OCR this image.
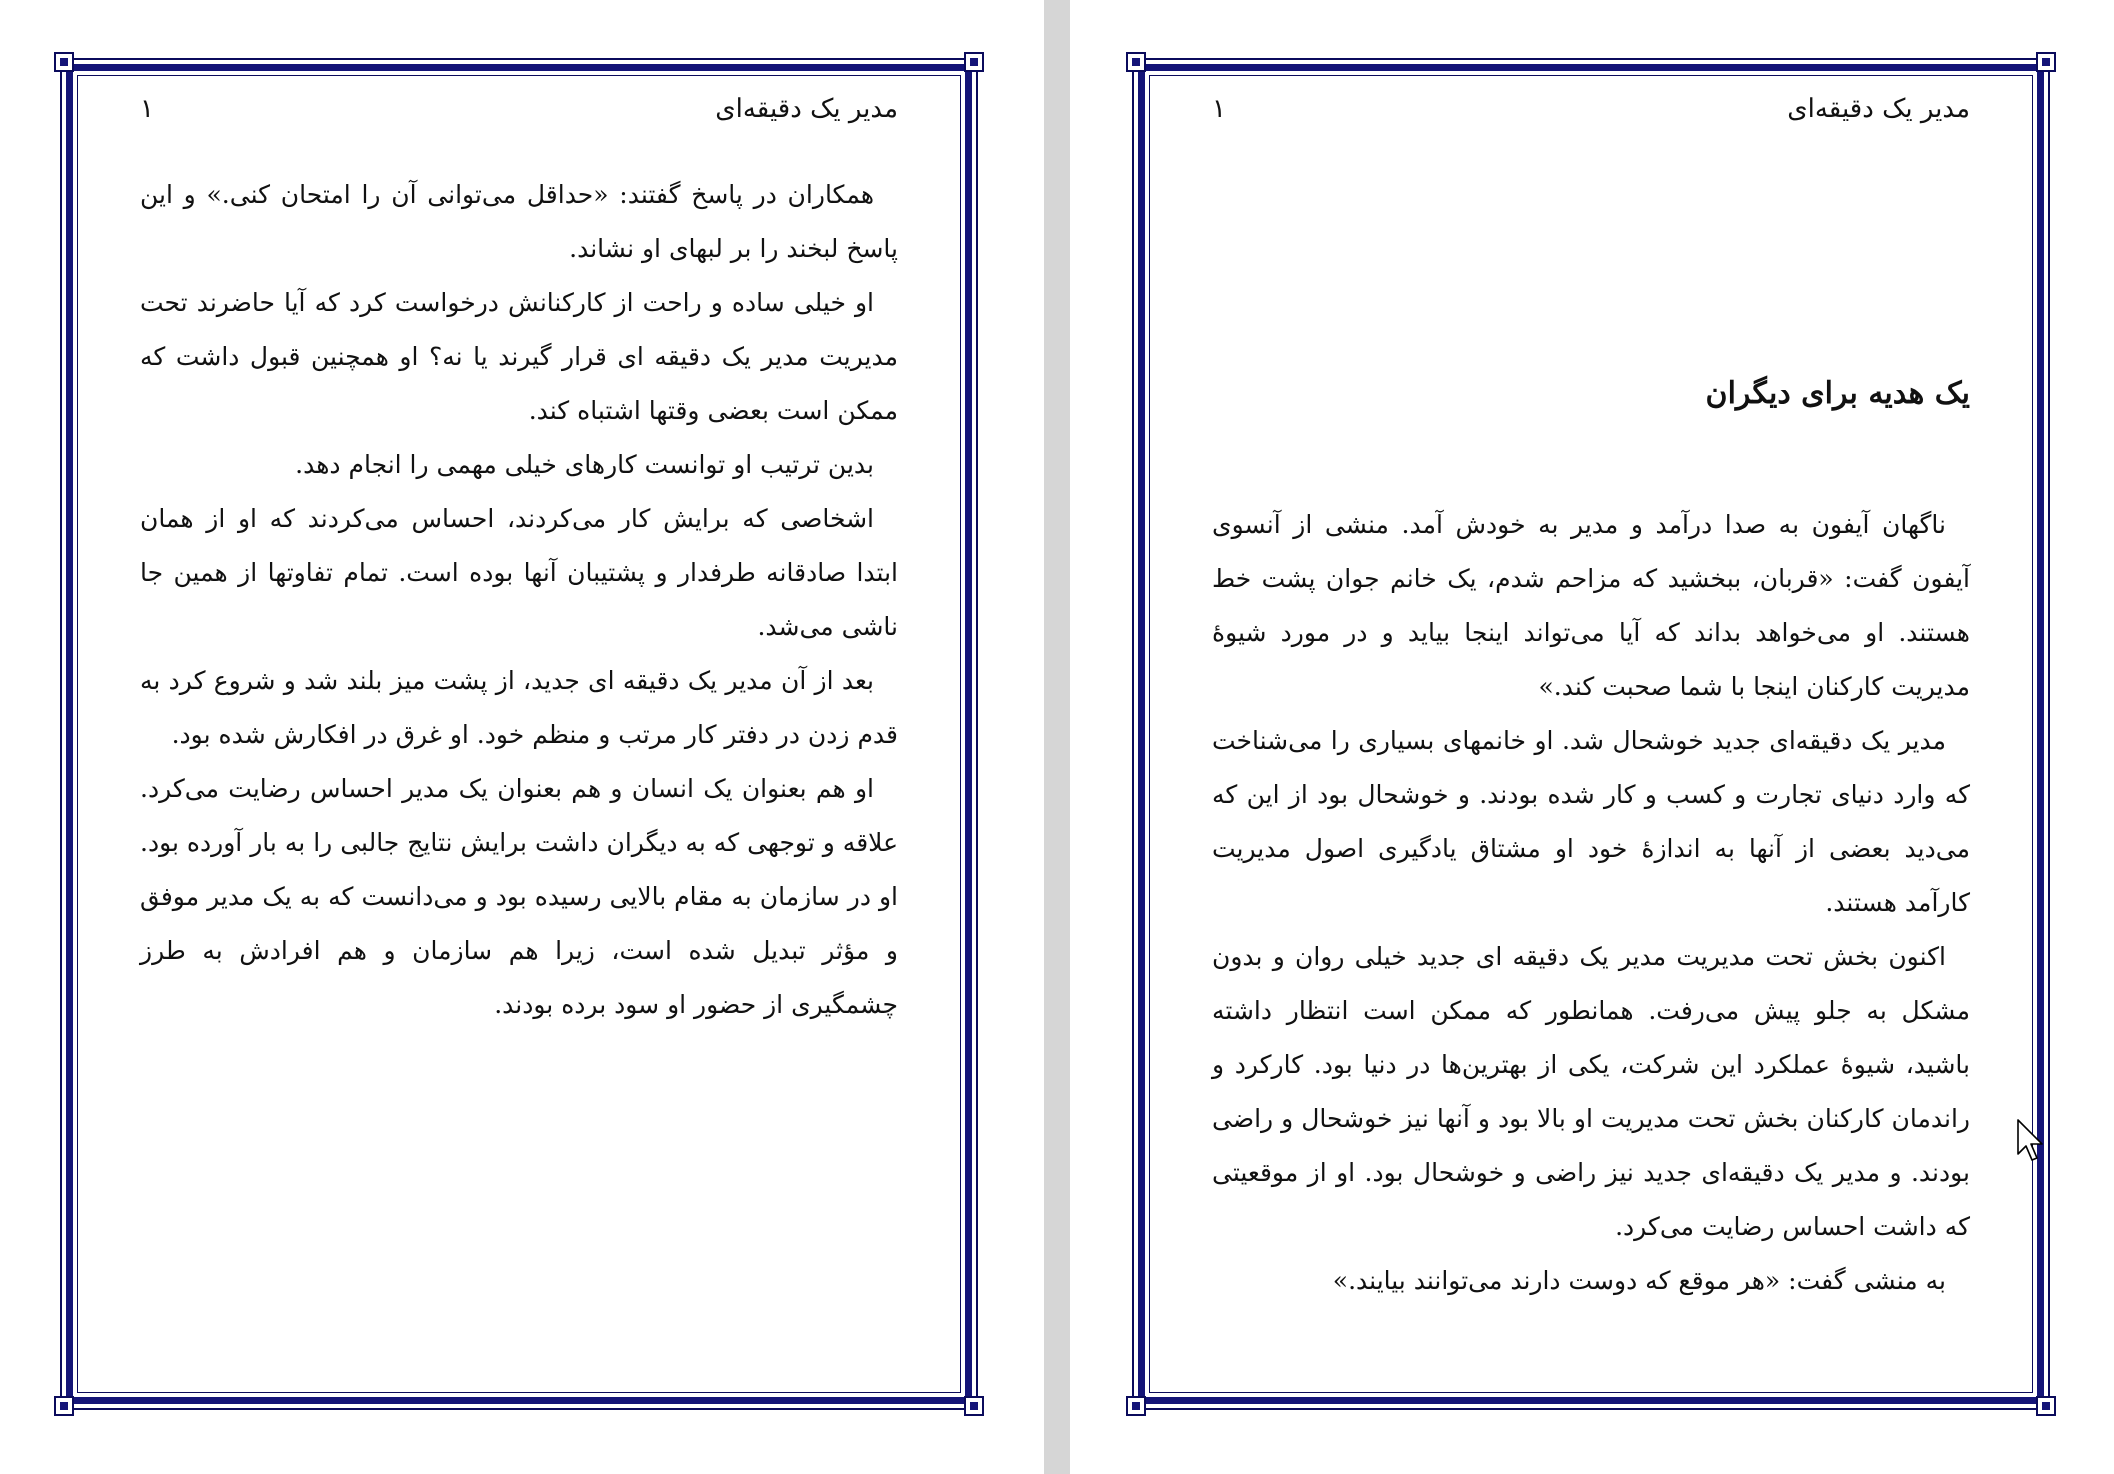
مدیر یک دقیقه‌ای
۱

همکاران در پاسخ گفتند: «حداقل می‌توانی آن را امتحان کنی.» و این پاسخ لبخند را بر لبهای او نشاند.

او خیلی ساده و راحت از کارکنانش درخواست کرد که آیا حاضرند تحت مدیریت مدیر یک دقیقه ای قرار گیرند یا نه؟ او همچنین قبول داشت که ممکن است بعضی وقتها اشتباه کند.

بدین ترتیب او توانست کارهای خیلی مهمی را انجام دهد.

اشخاصی که برایش کار می‌کردند، احساس می‌کردند که او از همان ابتدا صادقانه طرفدار و پشتیبان آنها بوده است. تمام تفاوتها از همین جا ناشی می‌شد.

بعد از آن مدیر یک دقیقه ای جدید، از پشت میز بلند شد و شروع کرد به قدم زدن در دفتر کار مرتب و منظم خود. او غرق در افکارش شده بود.

او هم بعنوان یک انسان و هم بعنوان یک مدیر احساس رضایت می‌کرد. علاقه و توجهی که به دیگران داشت برایش نتایج جالبی را به بار آورده بود. او در سازمان به مقام بالایی رسیده بود و می‌دانست که به یک مدیر موفق و مؤثر تبدیل شده است، زیرا هم سازمان و هم افرادش به طرز چشمگیری از حضور او سود برده بودند.

مدیر یک دقیقه‌ای
۱
یک هدیه برای دیگران

ناگهان آیفون به صدا درآمد و مدیر به خودش آمد. منشی از آنسوی آیفون گفت: «قربان، ببخشید که مزاحم شدم، یک خانم جوان پشت خط هستند. او می‌خواهد بداند که آیا می‌تواند اینجا بیاید و در مورد شیوهٔ مدیریت کارکنان اینجا با شما صحبت کند.»

مدیر یک دقیقه‌ای جدید خوشحال شد. او خانمهای بسیاری را می‌شناخت که وارد دنیای تجارت و کسب و کار شده بودند. و خوشحال بود از این که می‌دید بعضی از آنها به اندازهٔ خود او مشتاق یادگیری اصول مدیریت کارآمد هستند.

اکنون بخش تحت مدیریت مدیر یک دقیقه ای جدید خیلی روان و بدون مشکل به جلو پیش می‌رفت. همانطور که ممکن است انتظار داشته باشید، شیوهٔ عملکرد این شرکت، یکی از بهترین‌ها در دنیا بود. کارکرد و راندمان کارکنان بخش تحت مدیریت او بالا بود و آنها نیز خوشحال و راضی بودند. و مدیر یک دقیقه‌ای جدید نیز راضی و خوشحال بود. او از موقعیتی که داشت احساس رضایت می‌کرد.

به منشی گفت: «هر موقع که دوست دارند می‌توانند بیایند.»
